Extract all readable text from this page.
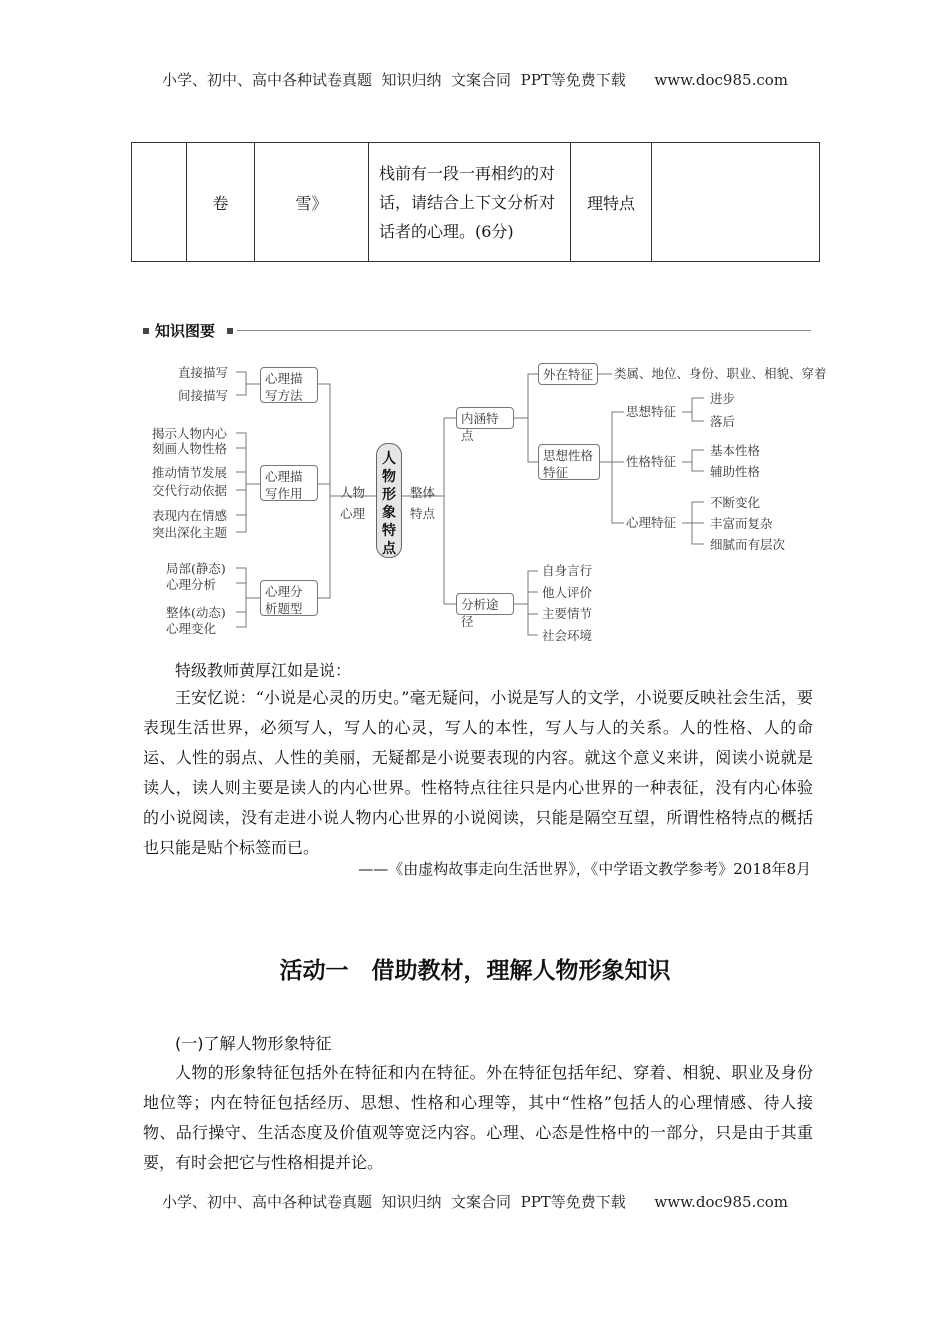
小学、初中、高中各种试卷真题  知识归纳  文案合同  PPT等免费下载      www.doc985.com
	卷	雪》	栈前有一段一再相约的对话，请结合上下文分析对话者的心理。(6分)	理特点	
知识图要
直接描写
间接描写
心理描写方法
揭示人物内心
刻画人物性格
推动情节发展
交代行动依据
表现内在情感
突出深化主题
心理描写作用
局部(静态)
心理分析
整体(动态)
心理变化
心理分析题型
人物
心理
人物形象特点
整体
特点
内涵特点
外在特征	类属、地位、身份、职业、相貌、穿着
思想性格特征
思想特征
进步
落后
性格特征
基本性格
辅助性格
心理特征
不断变化
丰富而复杂
细腻而有层次
分析途径
自身言行
他人评价
主要情节
社会环境
特级教师黄厚江如是说：
王安忆说：“小说是心灵的历史。”毫无疑问，小说是写人的文学，小说要反映社会生活，要表现生活世界，必须写人，写人的心灵，写人的本性，写人与人的关系。人的性格、人的命运、人性的弱点、人性的美丽，无疑都是小说要表现的内容。就这个意义来讲，阅读小说就是读人，读人则主要是读人的内心世界。性格特点往往只是内心世界的一种表征，没有内心体验的小说阅读，没有走进小说人物内心世界的小说阅读，只能是隔空互望，所谓性格特点的概括也只能是贴个标签而已。
——《由虚构故事走向生活世界》，《中学语文教学参考》2018年8月
活动一　借助教材，理解人物形象知识
(一)了解人物形象特征
人物的形象特征包括外在特征和内在特征。外在特征包括年纪、穿着、相貌、职业及身份地位等；内在特征包括经历、思想、性格和心理等，其中“性格”包括人的心理情感、待人接物、品行操守、生活态度及价值观等宽泛内容。心理、心态是性格中的一部分，只是由于其重要，有时会把它与性格相提并论。
小学、初中、高中各种试卷真题  知识归纳  文案合同  PPT等免费下载      www.doc985.com
